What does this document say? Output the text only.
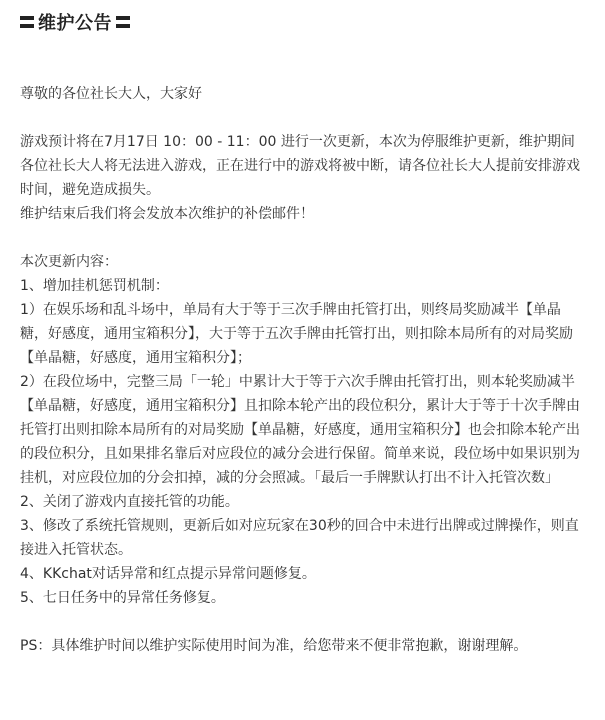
维护公告

尊敬的各位社长大人，大家好

游戏预计将在7月17日 10：00 - 11：00 进行一次更新，本次为停服维护更新，维护期间各位社长大人将无法进入游戏，正在进行中的游戏将被中断，请各位社长大人提前安排游戏时间，避免造成损失。

维护结束后我们将会发放本次维护的补偿邮件！

本次更新内容：

1、增加挂机惩罚机制：

1）在娱乐场和乱斗场中，单局有大于等于三次手牌由托管打出，则终局奖励减半【单晶糖，好感度，通用宝箱积分】，大于等于五次手牌由托管打出，则扣除本局所有的对局奖励【单晶糖，好感度，通用宝箱积分】；

2）在段位场中，完整三局「一轮」中累计大于等于六次手牌由托管打出，则本轮奖励减半【单晶糖，好感度，通用宝箱积分】且扣除本轮产出的段位积分，累计大于等于十次手牌由托管打出则扣除本局所有的对局奖励【单晶糖，好感度，通用宝箱积分】也会扣除本轮产出的段位积分，且如果排名靠后对应段位的减分会进行保留。简单来说，段位场中如果识别为挂机，对应段位加的分会扣掉，减的分会照减。「最后一手牌默认打出不计入托管次数」

2、关闭了游戏内直接托管的功能。

3、修改了系统托管规则，更新后如对应玩家在30秒的回合中未进行出牌或过牌操作，则直接进入托管状态。

4、KKchat对话异常和红点提示异常问题修复。

5、七日任务中的异常任务修复。

PS：具体维护时间以维护实际使用时间为准，给您带来不便非常抱歉，谢谢理解。
